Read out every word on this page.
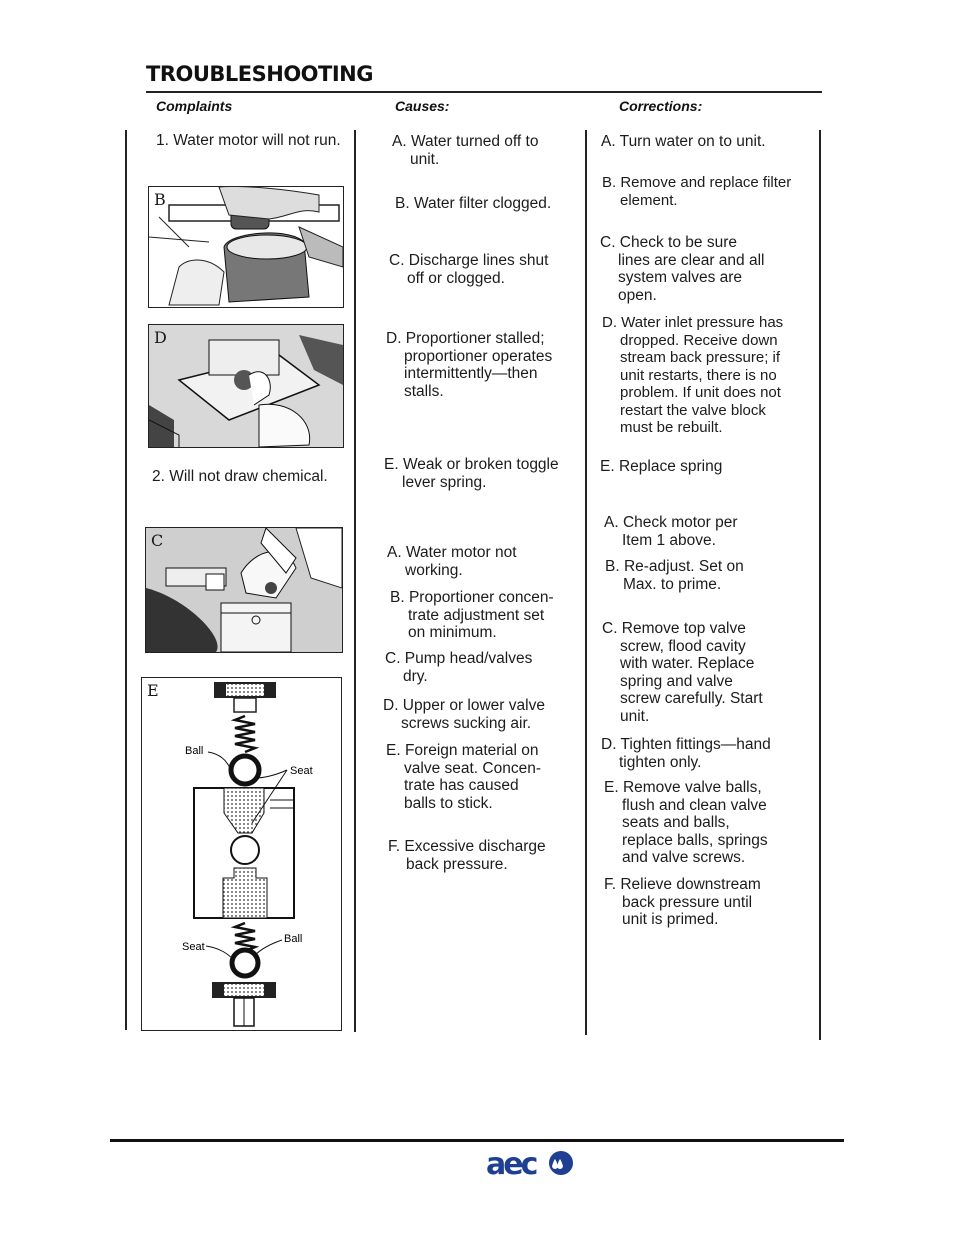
TROUBLESHOOTING
Complaints	Causes:	Corrections:
1. Water motor will not run.
2. Will not draw chemical.
B
D
C
E
Ball
Seat
Seat
Ball
A. Water turned off to
unit.
B. Water filter clogged.
C. Discharge lines shut
off or clogged.
D. Proportioner stalled;
proportioner operates
intermittently—then
stalls.
E. Weak or broken toggle
lever spring.
A. Water motor not
working.
B. Proportioner concen-
trate adjustment set
on minimum.
C. Pump head/valves
dry.
D. Upper or lower valve
screws sucking air.
E. Foreign material on
valve seat. Concen-
trate has caused
balls to stick.
F. Excessive discharge
back pressure.
A. Turn water on to unit.
B. Remove and replace filter
element.
C. Check to be sure
lines are clear and all
system valves are
open.
D. Water inlet pressure has
dropped. Receive down
stream back pressure; if
unit restarts, there is no
problem. If unit does not
restart the valve block
must be rebuilt.
E. Replace spring
A. Check motor per
Item 1 above.
B. Re-adjust. Set on
Max. to prime.
C. Remove top valve
screw, flood cavity
with water. Replace
spring and valve
screw carefully. Start
unit.
D. Tighten fittings—hand
tighten only.
E. Remove valve balls,
flush and clean valve
seats and balls,
replace balls, springs
and valve screws.
F. Relieve downstream
back pressure until
unit is primed.
aec
